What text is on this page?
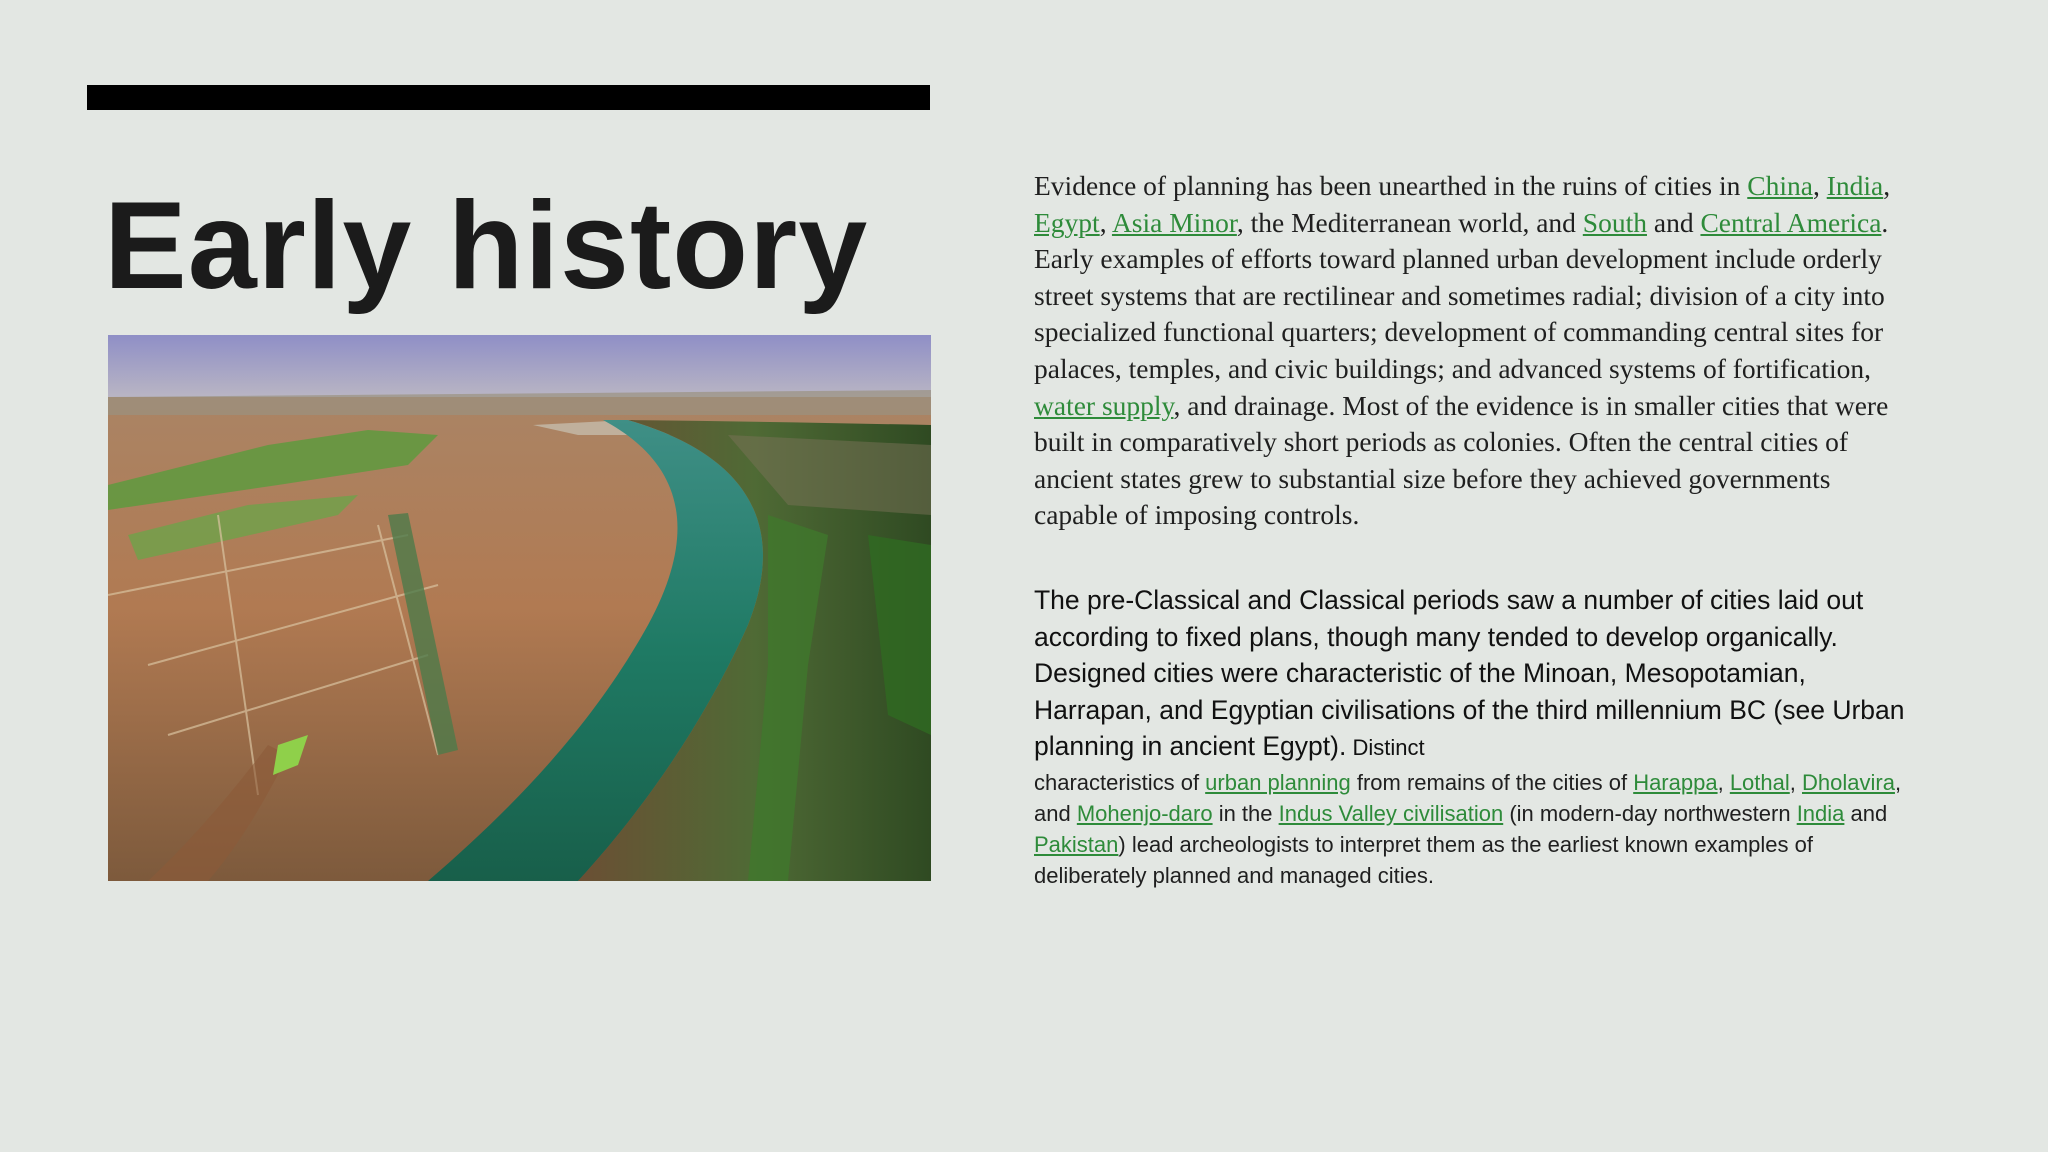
Early history	Evidence of planning has been unearthed in the ruins of cities in China, India, Egypt, Asia Minor, the Mediterranean world, and South and Central America. Early examples of efforts toward planned urban development include orderly street systems that are rectilinear and sometimes radial; division of a city into specialized functional quarters; development of commanding central sites for palaces, temples, and civic buildings; and advanced systems of fortification, water supply, and drainage. Most of the evidence is in smaller cities that were built in comparatively short periods as colonies. Often the central cities of ancient states grew to substantial size before they achieved governments capable of imposing controls.

The pre-Classical and Classical periods saw a number of cities laid out according to fixed plans, though many tended to develop organically. Designed cities were characteristic of the Minoan, Mesopotamian, Harrapan, and Egyptian civilisations of the third millennium BC (see Urban planning in ancient Egypt). Distinct

characteristics of urban planning from remains of the cities of Harappa, Lothal, Dholavira, and Mohenjo-daro in the Indus Valley civilisation (in modern-day northwestern India and Pakistan) lead archeologists to interpret them as the earliest known examples of deliberately planned and managed cities.
